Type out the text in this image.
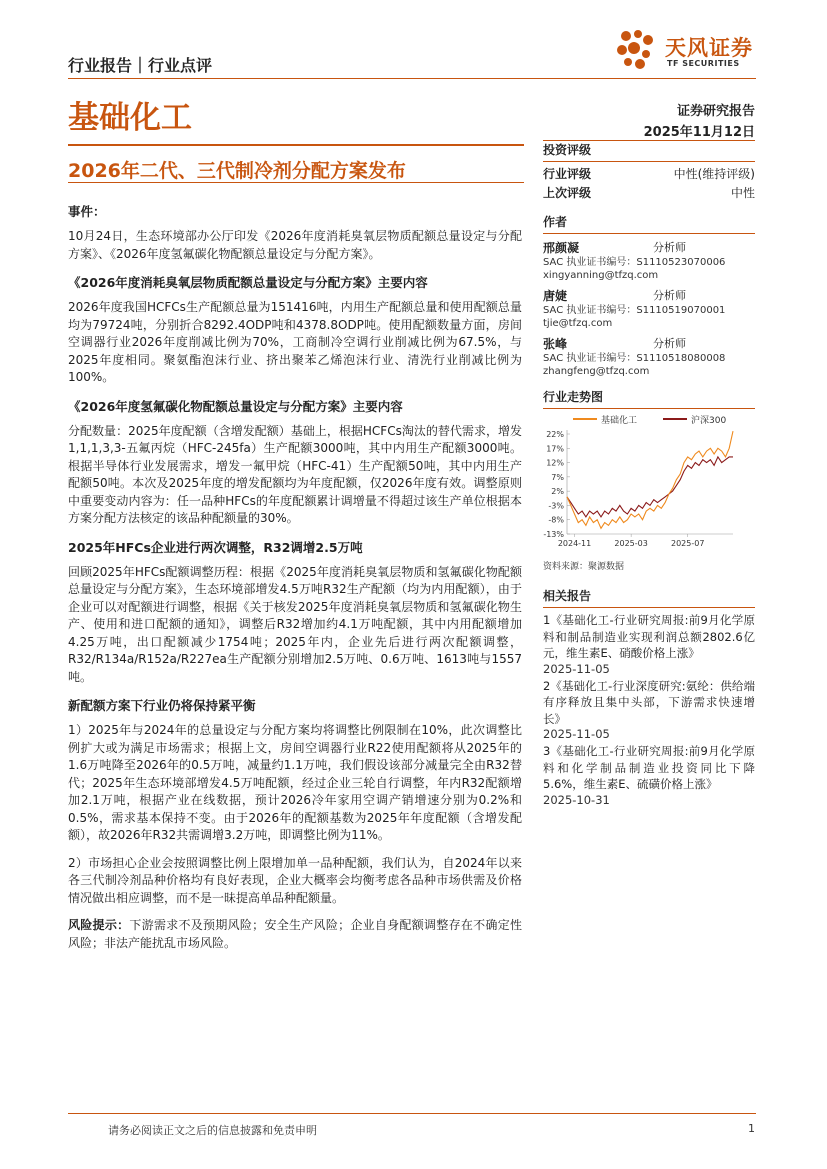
行业报告｜行业点评
天风证券
TF SECURITIES
基础化工	证券研究报告
2025年11月12日
2026年二代、三代制冷剂分配方案发布
事件：

10月24日，生态环境部办公厅印发《2026年度消耗臭氧层物质配额总量设定与分配方案》、《2026年度氢氟碳化物配额总量设定与分配方案》。

《2026年度消耗臭氧层物质配额总量设定与分配方案》主要内容

2026年度我国HCFCs生产配额总量为151416吨，内用生产配额总量和使用配额总量均为79724吨，分别折合8292.4ODP吨和4378.8ODP吨。使用配额数量方面，房间空调器行业2026年度削减比例为70%，工商制冷空调行业削减比例为67.5%，与2025年度相同。聚氨酯泡沫行业、挤出聚苯乙烯泡沫行业、清洗行业削减比例为100%。

《2026年度氢氟碳化物配额总量设定与分配方案》主要内容

分配数量：2025年度配额（含增发配额）基础上，根据HCFCs淘汰的替代需求，增发1,1,1,3,3-五氟丙烷（HFC-245fa）生产配额3000吨，其中内用生产配额3000吨。根据半导体行业发展需求，增发一氟甲烷（HFC-41）生产配额50吨，其中内用生产配额50吨。本次及2025年度的增发配额均为年度配额，仅2026年度有效。调整原则中重要变动内容为：任一品种HFCs的年度配额累计调增量不得超过该生产单位根据本方案分配方法核定的该品种配额量的30%。

2025年HFCs企业进行两次调整，R32调增2.5万吨

回顾2025年HFCs配额调整历程：根据《2025年度消耗臭氧层物质和氢氟碳化物配额总量设定与分配方案》，生态环境部增发4.5万吨R32生产配额（均为内用配额），由于企业可以对配额进行调整，根据《关于核发2025年度消耗臭氧层物质和氢氟碳化物生产、使用和进口配额的通知》，调整后R32增加约4.1万吨配额，其中内用配额增加4.25万吨，出口配额减少1754吨；2025年内，企业先后进行两次配额调整，R32/R134a/R152a/R227ea生产配额分别增加2.5万吨、0.6万吨、1613吨与1557吨。

新配额方案下行业仍将保持紧平衡

1）2025年与2024年的总量设定与分配方案均将调整比例限制在10%，此次调整比例扩大或为满足市场需求；根据上文，房间空调器行业R22使用配额将从2025年的1.6万吨降至2026年的0.5万吨，减量约1.1万吨，我们假设该部分减量完全由R32替代；2025年生态环境部增发4.5万吨配额，经过企业三轮自行调整，年内R32配额增加2.1万吨，根据产业在线数据，预计2026冷年家用空调产销增速分别为0.2%和0.5%，需求基本保持不变。由于2026年的配额基数为2025年年度配额（含增发配额），故2026年R32共需调增3.2万吨，即调整比例为11%。

2）市场担心企业会按照调整比例上限增加单一品种配额，我们认为，自2024年以来各三代制冷剂品种价格均有良好表现，企业大概率会均衡考虑各品种市场供需及价格情况做出相应调整，而不是一昧提高单品种配额量。

风险提示：下游需求不及预期风险；安全生产风险；企业自身配额调整存在不确定性风险；非法产能扰乱市场风险。

投资评级
行业评级	中性(维持评级)
上次评级	中性
作者
邢颜凝	分析师
SAC 执业证书编号：S1110523070006
xingyanning@tfzq.com
唐婕	分析师
SAC 执业证书编号：S1110519070001
tjie@tfzq.com
张峰	分析师
SAC 执业证书编号：S1110518080008
zhangfeng@tfzq.com
行业走势图
基础化工	沪深300
22%
17%
12%
7%
2%
-3%
-8%
-13%
2024-11	2025-03	2025-07
资料来源：聚源数据
相关报告
1《基础化工-行业研究周报:前9月化学原料和制品制造业实现利润总额2802.6亿元，维生素E、硝酸价格上涨》
2025-11-05
2《基础化工-行业深度研究:氨纶：供给端有序释放且集中头部，下游需求快速增长》
2025-11-05
3《基础化工-行业研究周报:前9月化学原料和化学制品制造业投资同比下降5.6%，维生素E、硫磺价格上涨》
2025-10-31
请务必阅读正文之后的信息披露和免责申明	1
